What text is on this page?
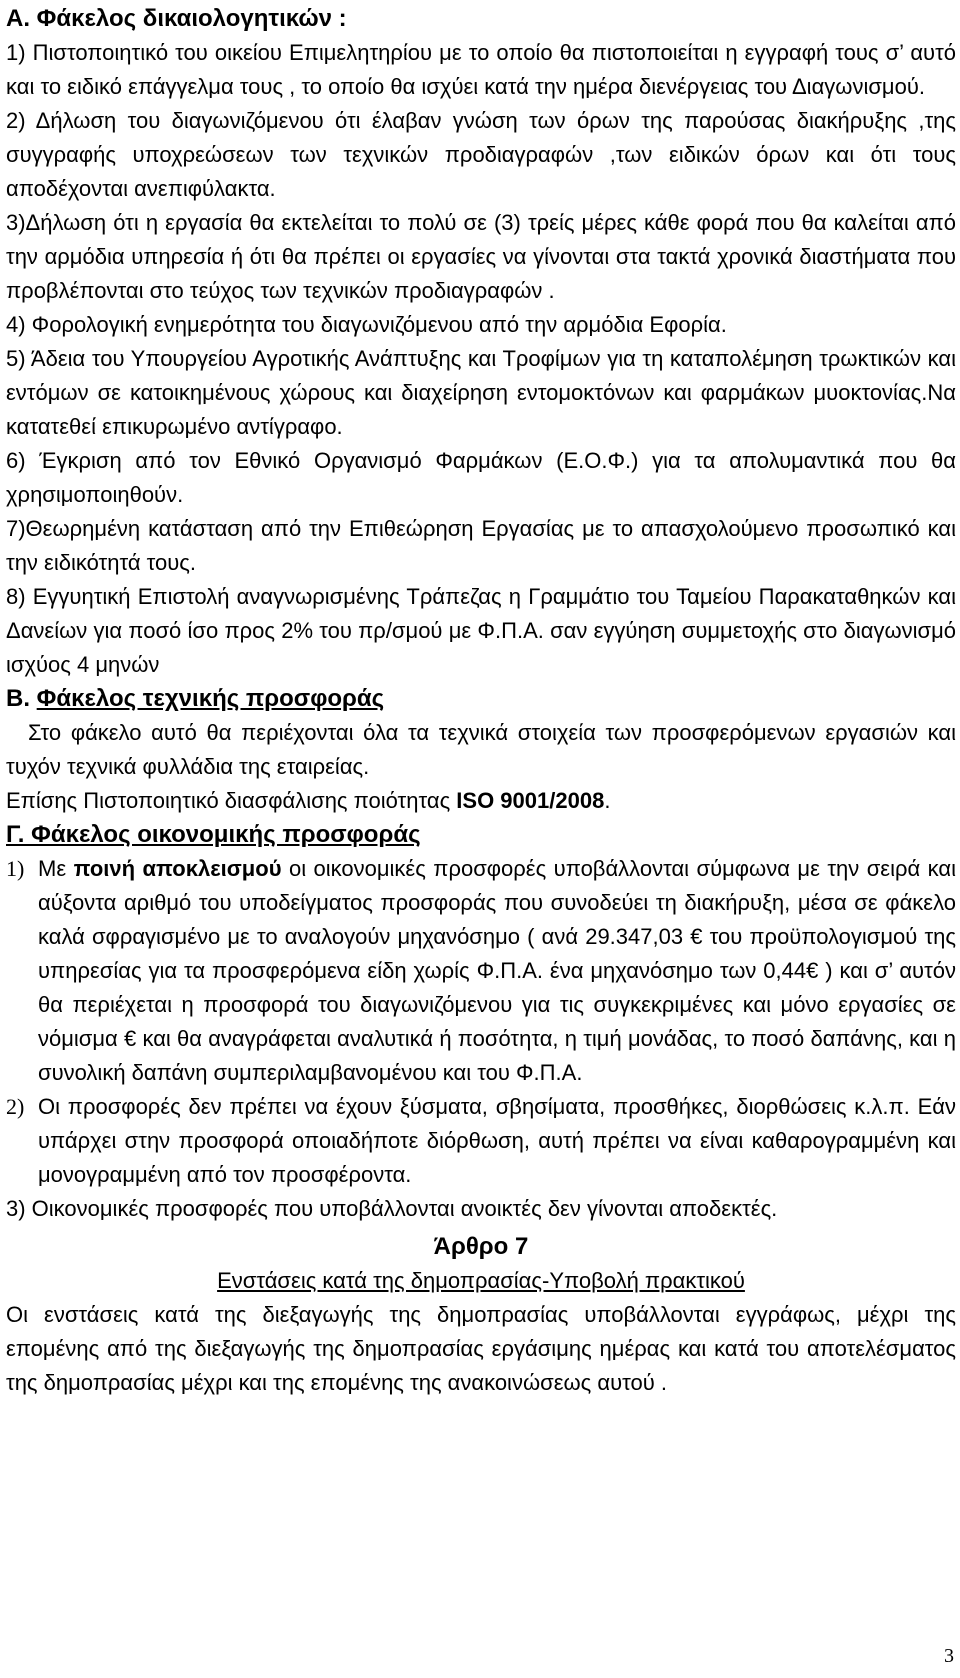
Α. Φάκελος δικαιολογητικών :

1) Πιστοποιητικό του οικείου Επιμελητηρίου με το οποίο θα πιστοποιείται η εγγραφή τους σ’ αυτό και το ειδικό επάγγελμα τους , το οποίο θα ισχύει κατά την ημέρα διενέργειας του Διαγωνισμού.

2) Δήλωση του διαγωνιζόμενου ότι έλαβαν γνώση των όρων της παρούσας διακήρυξης ,της συγγραφής υποχρεώσεων των τεχνικών προδιαγραφών ,των ειδικών όρων και ότι τους αποδέχονται ανεπιφύλακτα.

3)Δήλωση ότι η εργασία θα εκτελείται το πολύ σε (3) τρείς μέρες κάθε φορά που θα καλείται από την αρμόδια υπηρεσία ή ότι θα πρέπει οι εργασίες να γίνονται στα τακτά χρονικά διαστήματα που προβλέπονται στο τεύχος των τεχνικών προδιαγραφών .

4) Φορολογική ενημερότητα του διαγωνιζόμενου από την αρμόδια Εφορία.

5) Άδεια του Υπουργείου Αγροτικής Ανάπτυξης και Τροφίμων για τη καταπολέμηση τρωκτικών και εντόμων σε κατοικημένους χώρους και διαχείρηση εντομοκτόνων και φαρμάκων μυοκτονίας.Να κατατεθεί επικυρωμένο αντίγραφο.

6) Έγκριση από τον Εθνικό Οργανισμό Φαρμάκων (Ε.Ο.Φ.) για τα απολυμαντικά που θα χρησιμοποιηθούν.

7)Θεωρημένη κατάσταση από την Επιθεώρηση Εργασίας με το απασχολούμενο προσωπικό και την ειδικότητά τους.

8) Εγγυητική Επιστολή αναγνωρισμένης Τράπεζας η Γραμμάτιο του Ταμείου Παρακαταθηκών και Δανείων για ποσό ίσο προς 2% του πρ/σμού με Φ.Π.Α. σαν εγγύηση συμμετοχής στο διαγωνισμό ισχύος 4 μηνών

Β. Φάκελος τεχνικής προσφοράς

Στο φάκελο αυτό θα περιέχονται όλα τα τεχνικά στοιχεία των προσφερόμενων εργασιών και τυχόν τεχνικά φυλλάδια της εταιρείας.

Επίσης Πιστοποιητικό διασφάλισης ποιότητας ISO 9001/2008.

Γ. Φάκελος οικονομικής προσφοράς

1) Με ποινή αποκλεισμού οι οικονομικές προσφορές υποβάλλονται σύμφωνα με την σειρά και αύξοντα αριθμό του υποδείγματος προσφοράς που συνοδεύει τη διακήρυξη, μέσα σε φάκελο καλά σφραγισμένο με το αναλογούν μηχανόσημο ( ανά 29.347,03 € του προϋπολογισμού της υπηρεσίας για τα προσφερόμενα είδη χωρίς Φ.Π.Α. ένα μηχανόσημο των 0,44€ ) και σ’ αυτόν θα περιέχεται η προσφορά του διαγωνιζόμενου για τις συγκεκριμένες και μόνο εργασίες σε νόμισμα € και θα αναγράφεται αναλυτικά ή ποσότητα, η τιμή μονάδας, το ποσό δαπάνης, και η συνολική δαπάνη συμπεριλαμβανομένου και του Φ.Π.Α.

2) Οι προσφορές δεν πρέπει να έχουν ξύσματα, σβησίματα, προσθήκες, διορθώσεις κ.λ.π. Εάν υπάρχει στην προσφορά οποιαδήποτε διόρθωση, αυτή πρέπει να είναι καθαρογραμμένη και μονογραμμένη από τον προσφέροντα.

3) Οικονομικές προσφορές που υποβάλλονται ανοικτές δεν γίνονται αποδεκτές.

Άρθρο 7

Ενστάσεις κατά της δημοπρασίας-Υποβολή πρακτικού

Οι ενστάσεις κατά της διεξαγωγής της δημοπρασίας υποβάλλονται εγγράφως, μέχρι της επομένης από της διεξαγωγής της δημοπρασίας εργάσιμης ημέρας και κατά του αποτελέσματος της δημοπρασίας μέχρι και της επομένης της ανακοινώσεως αυτού .

3
